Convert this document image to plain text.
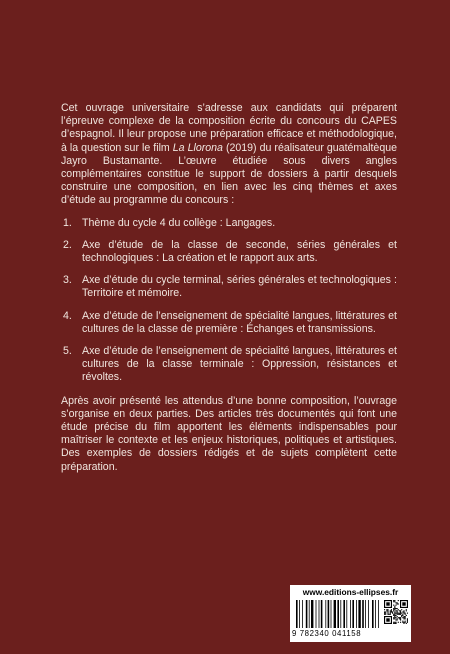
Cet ouvrage universitaire s’adresse aux candidats qui préparent l’épreuve complexe de la composition écrite du concours du CAPES d’espagnol. Il leur propose une préparation efficace et méthodologique, à la question sur le film La Llorona (2019) du réalisateur guatémaltèque Jayro Bustamante. L’œuvre étudiée sous divers angles complémentaires constitue le support de dossiers à partir desquels construire une composition, en lien avec les cinq thèmes et axes d’étude au programme du concours :

1. Thème du cycle 4 du collège : Langages.
2. Axe d’étude de la classe de seconde, séries générales et technologiques : La création et le rapport aux arts.
3. Axe d’étude du cycle terminal, séries générales et technologiques : Territoire et mémoire.
4. Axe d’étude de l’enseignement de spécialité langues, littératures et cultures de la classe de première : Échanges et transmissions.
5. Axe d’étude de l’enseignement de spécialité langues, littératures et cultures de la classe terminale : Oppression, résistances et révoltes.

Après avoir présenté les attendus d’une bonne composition, l’ouvrage s’organise en deux parties. Des articles très documentés qui font une étude précise du film apportent les éléments indispensables pour maîtriser le contexte et les enjeux historiques, politiques et artistiques. Des exemples de dossiers rédigés et de sujets complètent cette préparation.

www.editions-ellipses.fr
9 782340 041158
